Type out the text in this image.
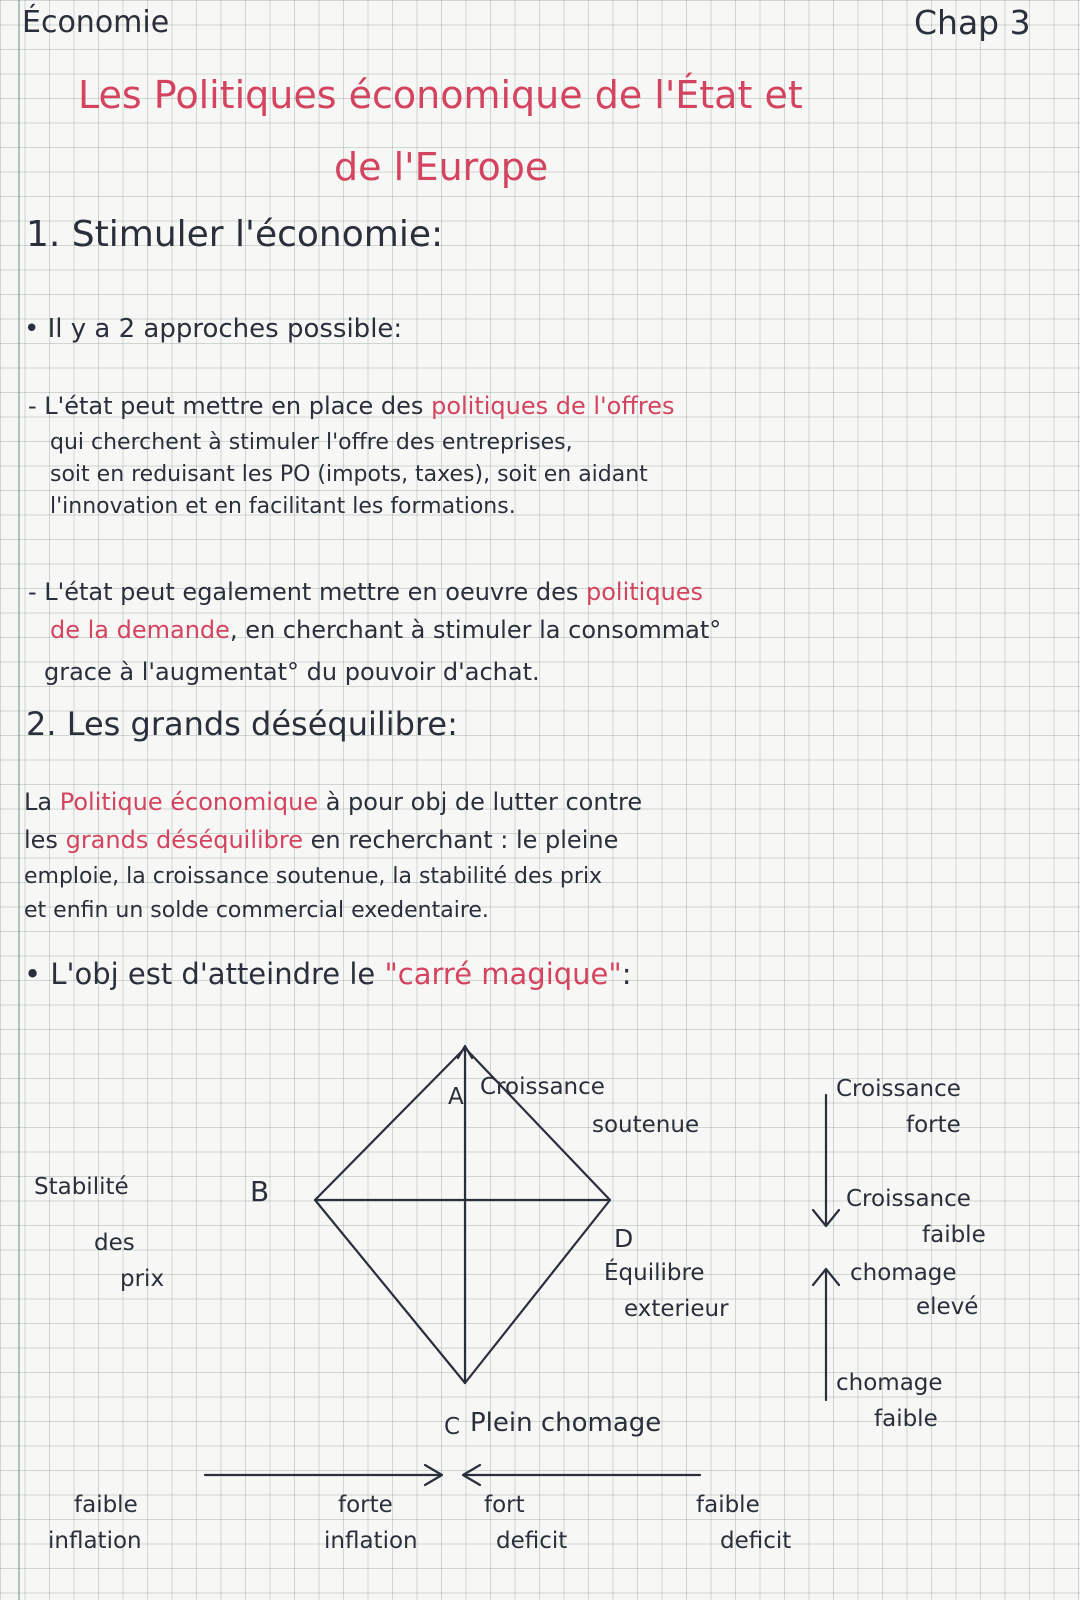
Économie	Chap 3
Les Politiques économique de l'État et
de l'Europe
1. Stimuler l'économie:
• Il y a 2 approches possible:
- L'état peut mettre en place des politiques de l'offres
qui cherchent à stimuler l'offre des entreprises,
soit en reduisant les PO (impots, taxes), soit en aidant
l'innovation et en facilitant les formations.
- L'état peut egalement mettre en oeuvre des politiques
de la demande, en cherchant à stimuler la consommat°
grace à l'augmentat° du pouvoir d'achat.
2. Les grands déséquilibre:
La Politique économique à pour obj de lutter contre
les grands déséquilibre en recherchant : le pleine
emploie, la croissance soutenue, la stabilité des prix
et enfin un solde commercial exedentaire.
• L'obj est d'atteindre le "carré magique":
A Croissance
soutenue
B
Stabilité
des
prix
C Plein chomage
D
Équilibre
exterieur
Croissance
forte
Croissance
faible
chomage
elevé
chomage
faible
faible
inflation
forte
inflation
fort
deficit
faible
deficit
